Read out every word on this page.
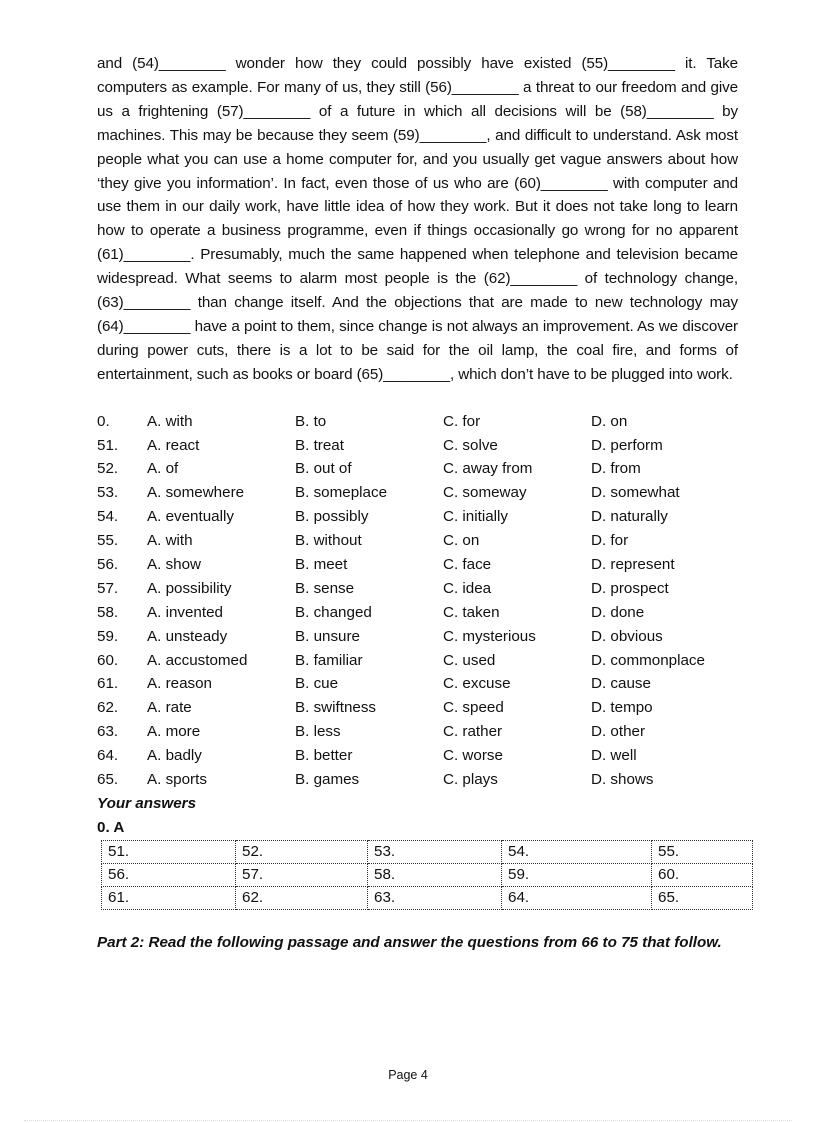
and (54)________ wonder how they could possibly have existed (55)________ it. Take computers as example. For many of us, they still (56)________ a threat to our freedom and give us a frightening (57)________ of a future in which all decisions will be (58)________ by machines. This may be because they seem (59)________, and difficult to understand. Ask most people what you can use a home computer for, and you usually get vague answers about how ‘they give you information’. In fact, even those of us who are (60)________ with computer and use them in our daily work, have little idea of how they work. But it does not take long to learn how to operate a business programme, even if things occasionally go wrong for no apparent (61)________. Presumably, much the same happened when telephone and television became widespread. What seems to alarm most people is the (62)________ of technology change, (63)________ than change itself. And the objections that are made to new technology may (64)________ have a point to them, since change is not always an improvement. As we discover during power cuts, there is a lot to be said for the oil lamp, the coal fire, and forms of entertainment, such as books or board (65)________, which don’t have to be plugged into work.

0.	A. with	B. to	C. for	D. on
51.	A. react	B. treat	C. solve	D. perform
52.	A. of	B. out of	C. away from	D. from
53.	A. somewhere	B. someplace	C. someway	D. somewhat
54.	A. eventually	B. possibly	C. initially	D. naturally
55.	A. with	B. without	C. on	D. for
56.	A. show	B. meet	C. face	D. represent
57.	A. possibility	B. sense	C. idea	D. prospect
58.	A. invented	B. changed	C. taken	D. done
59.	A. unsteady	B. unsure	C. mysterious	D. obvious
60.	A. accustomed	B. familiar	C. used	D. commonplace
61.	A. reason	B. cue	C. excuse	D. cause
62.	A. rate	B. swiftness	C. speed	D. tempo
63.	A. more	B. less	C. rather	D. other
64.	A. badly	B. better	C. worse	D. well
65.	A. sports	B. games	C. plays	D. shows
Your answers
0. A
51.	52.	53.	54.	55.
56.	57.	58.	59.	60.
61.	62.	63.	64.	65.
Part 2: Read the following passage and answer the questions from 66 to 75 that follow.
Page 4
